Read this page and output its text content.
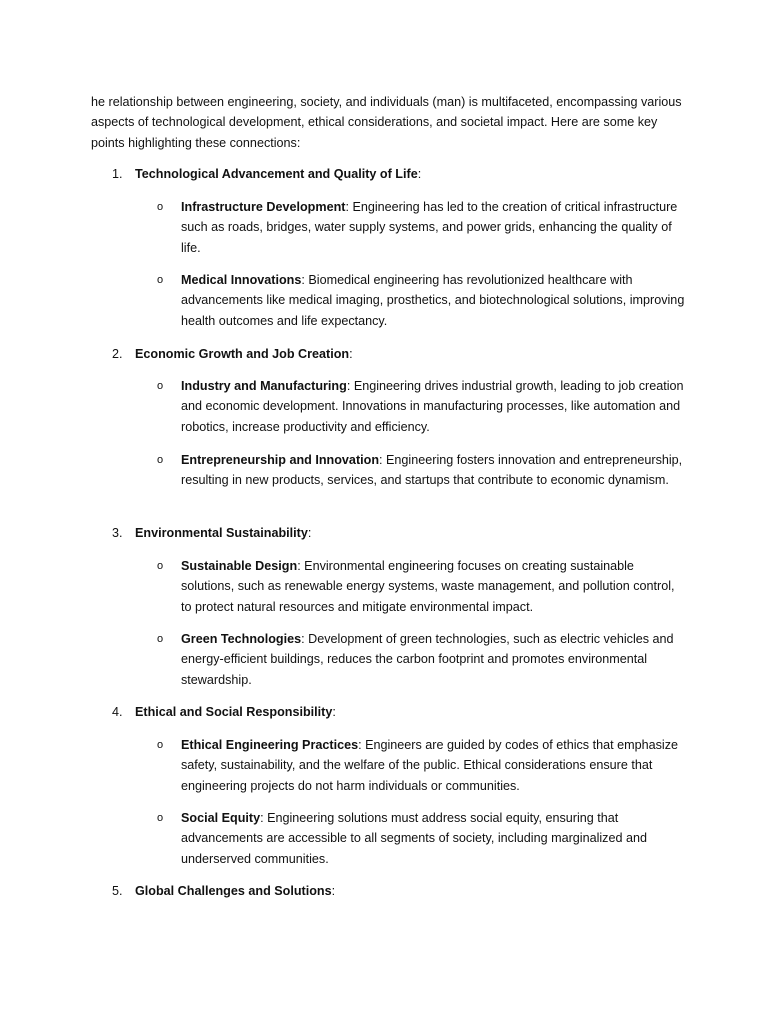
he relationship between engineering, society, and individuals (man) is multifaceted, encompassing various aspects of technological development, ethical considerations, and societal impact. Here are some key points highlighting these connections:

1. Technological Advancement and Quality of Life:

o Infrastructure Development: Engineering has led to the creation of critical infrastructure such as roads, bridges, water supply systems, and power grids, enhancing the quality of life.

o Medical Innovations: Biomedical engineering has revolutionized healthcare with advancements like medical imaging, prosthetics, and biotechnological solutions, improving health outcomes and life expectancy.

2. Economic Growth and Job Creation:

o Industry and Manufacturing: Engineering drives industrial growth, leading to job creation and economic development. Innovations in manufacturing processes, like automation and robotics, increase productivity and efficiency.

o Entrepreneurship and Innovation: Engineering fosters innovation and entrepreneurship, resulting in new products, services, and startups that contribute to economic dynamism.

3. Environmental Sustainability:

o Sustainable Design: Environmental engineering focuses on creating sustainable solutions, such as renewable energy systems, waste management, and pollution control, to protect natural resources and mitigate environmental impact.

o Green Technologies: Development of green technologies, such as electric vehicles and energy-efficient buildings, reduces the carbon footprint and promotes environmental stewardship.

4. Ethical and Social Responsibility:

o Ethical Engineering Practices: Engineers are guided by codes of ethics that emphasize safety, sustainability, and the welfare of the public. Ethical considerations ensure that engineering projects do not harm individuals or communities.

o Social Equity: Engineering solutions must address social equity, ensuring that advancements are accessible to all segments of society, including marginalized and underserved communities.

5. Global Challenges and Solutions:
